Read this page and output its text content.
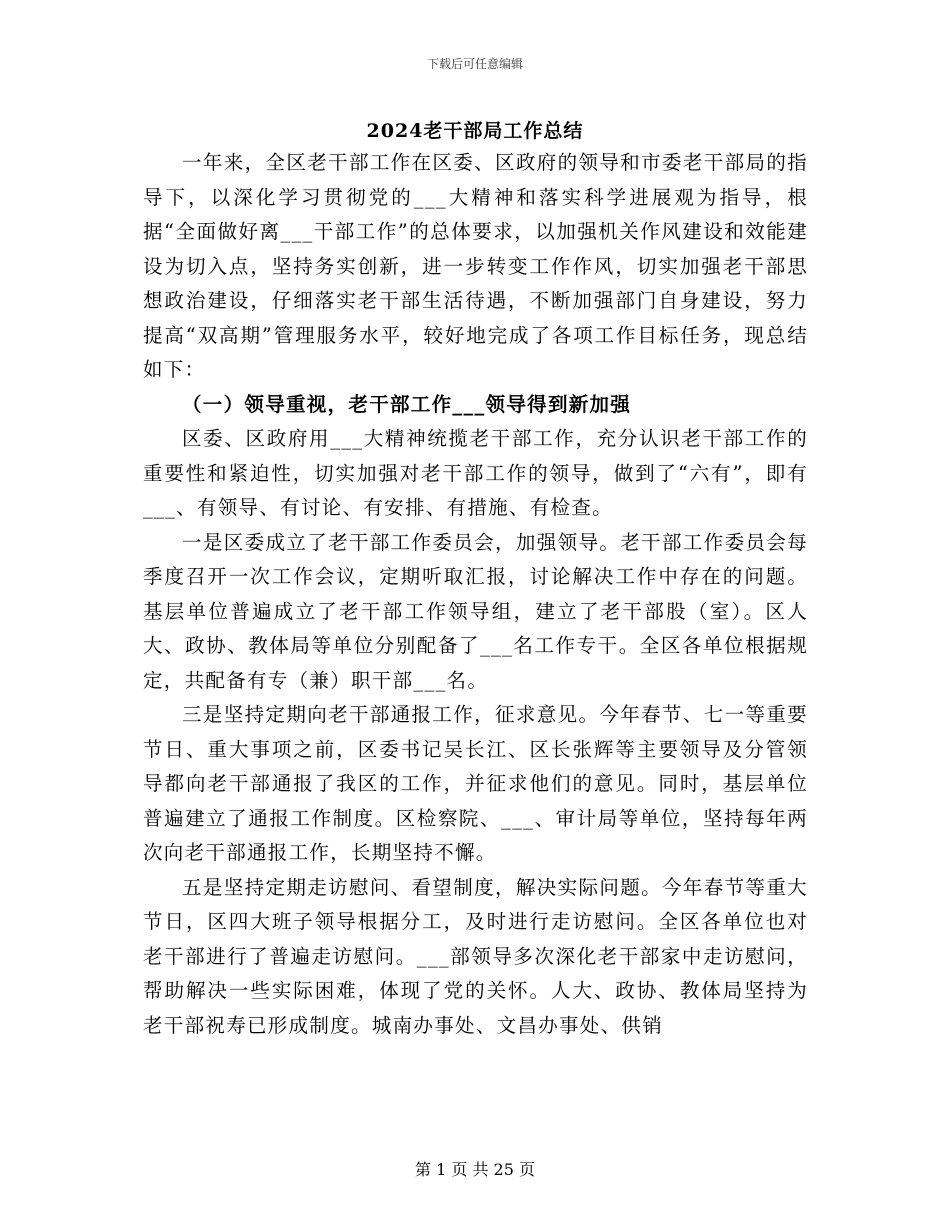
下载后可任意编辑
2024老干部局工作总结

一年来，全区老干部工作在区委、区政府的领导和市委老干部局的指导下，以深化学习贯彻党的___大精神和落实科学进展观为指导，根据“全面做好离___干部工作”的总体要求，以加强机关作风建设和效能建设为切入点，坚持务实创新，进一步转变工作作风，切实加强老干部思想政治建设，仔细落实老干部生活待遇，不断加强部门自身建设，努力提高“双高期”管理服务水平，较好地完成了各项工作目标任务，现总结如下：

（一）领导重视，老干部工作___领导得到新加强

区委、区政府用___大精神统揽老干部工作，充分认识老干部工作的重要性和紧迫性，切实加强对老干部工作的领导，做到了“六有”，即有___、有领导、有讨论、有安排、有措施、有检查。

一是区委成立了老干部工作委员会，加强领导。老干部工作委员会每季度召开一次工作会议，定期听取汇报，讨论解决工作中存在的问题。基层单位普遍成立了老干部工作领导组，建立了老干部股（室）。区人大、政协、教体局等单位分别配备了___名工作专干。全区各单位根据规定，共配备有专（兼）职干部___名。

三是坚持定期向老干部通报工作，征求意见。今年春节、七一等重要节日、重大事项之前，区委书记吴长江、区长张辉等主要领导及分管领导都向老干部通报了我区的工作，并征求他们的意见。同时，基层单位普遍建立了通报工作制度。区检察院、___、审计局等单位，坚持每年两次向老干部通报工作，长期坚持不懈。

五是坚持定期走访慰问、看望制度，解决实际问题。今年春节等重大节日，区四大班子领导根据分工，及时进行走访慰问。全区各单位也对老干部进行了普遍走访慰问。___部领导多次深化老干部家中走访慰问，帮助解决一些实际困难，体现了党的关怀。人大、政协、教体局坚持为老干部祝寿已形成制度。城南办事处、文昌办事处、供销

第 1 页 共 25 页
